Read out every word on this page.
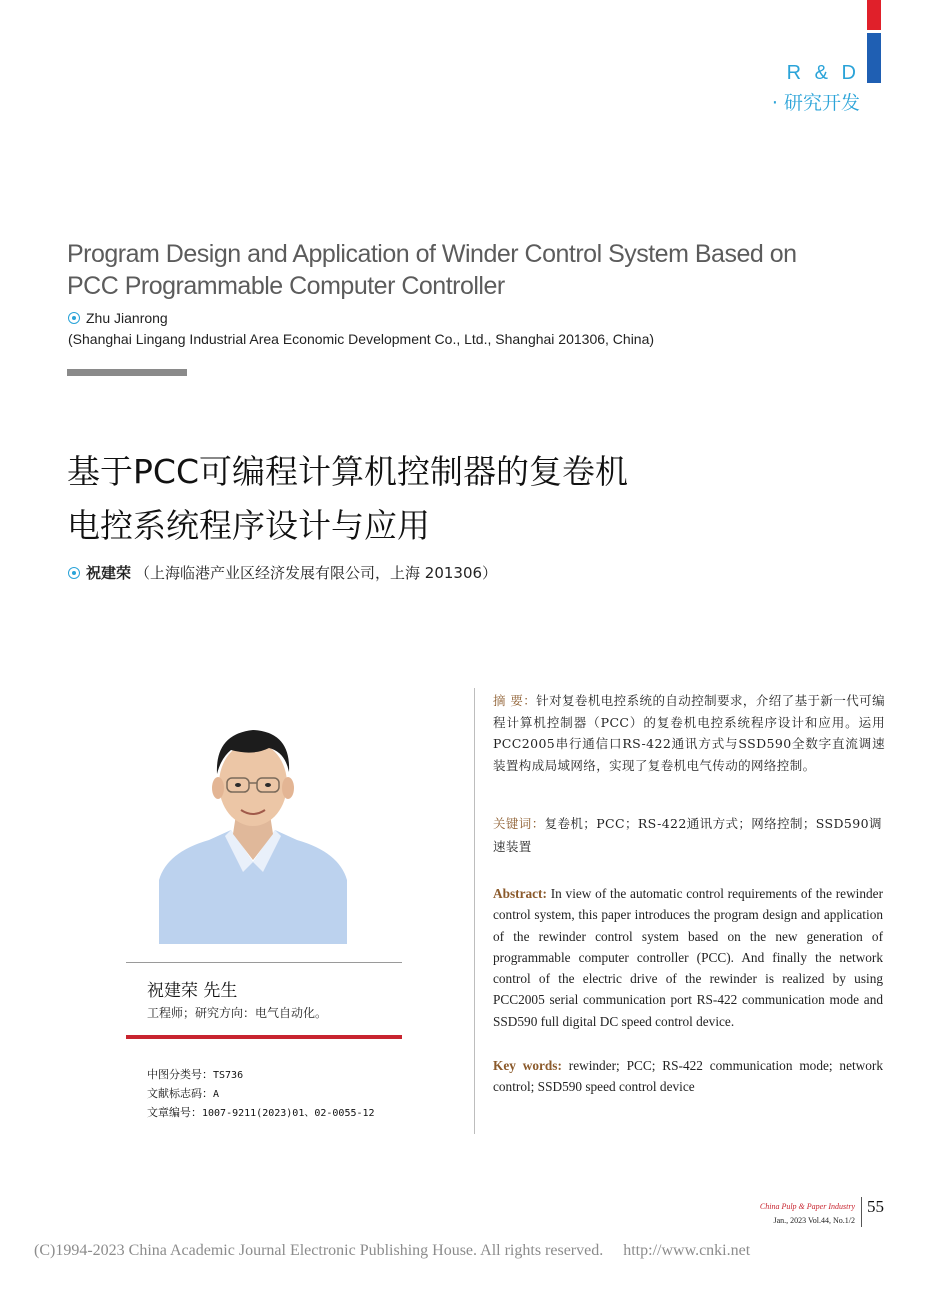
R & D
· 研究开发
Program Design and Application of Winder Control System Based on
PCC Programmable Computer Controller
Zhu Jianrong
(Shanghai Lingang Industrial Area Economic Development Co., Ltd., Shanghai 201306, China)
基于PCC可编程计算机控制器的复卷机
电控系统程序设计与应用
祝建荣 （上海临港产业区经济发展有限公司，上海 201306）
祝建荣 先生
工程师；研究方向：电气自动化。
中图分类号：TS736
文献标志码：A
文章编号：1007-9211(2023)01、02-0055-12
摘 要：针对复卷机电控系统的自动控制要求，介绍了基于新一代可编程计算机控制器（PCC）的复卷机电控系统程序设计和应用。运用PCC2005串行通信口RS-422通讯方式与SSD590全数字直流调速装置构成局域网络，实现了复卷机电气传动的网络控制。
关键词：复卷机；PCC；RS-422通讯方式；网络控制；SSD590调速装置
Abstract: In view of the automatic control requirements of the rewinder control system, this paper introduces the program design and application of the rewinder control system based on the new generation of programmable computer controller (PCC). And finally the network control of the electric drive of the rewinder is realized by using PCC2005 serial communication port RS-422 communication mode and SSD590 full digital DC speed control device.
Key words: rewinder; PCC; RS-422 communication mode; network control; SSD590 speed control device
China Pulp & Paper Industry
Jan., 2023 Vol.44, No.1/2
55
(C)1994-2023 China Academic Journal Electronic Publishing House. All rights reserved.     http://www.cnki.net
